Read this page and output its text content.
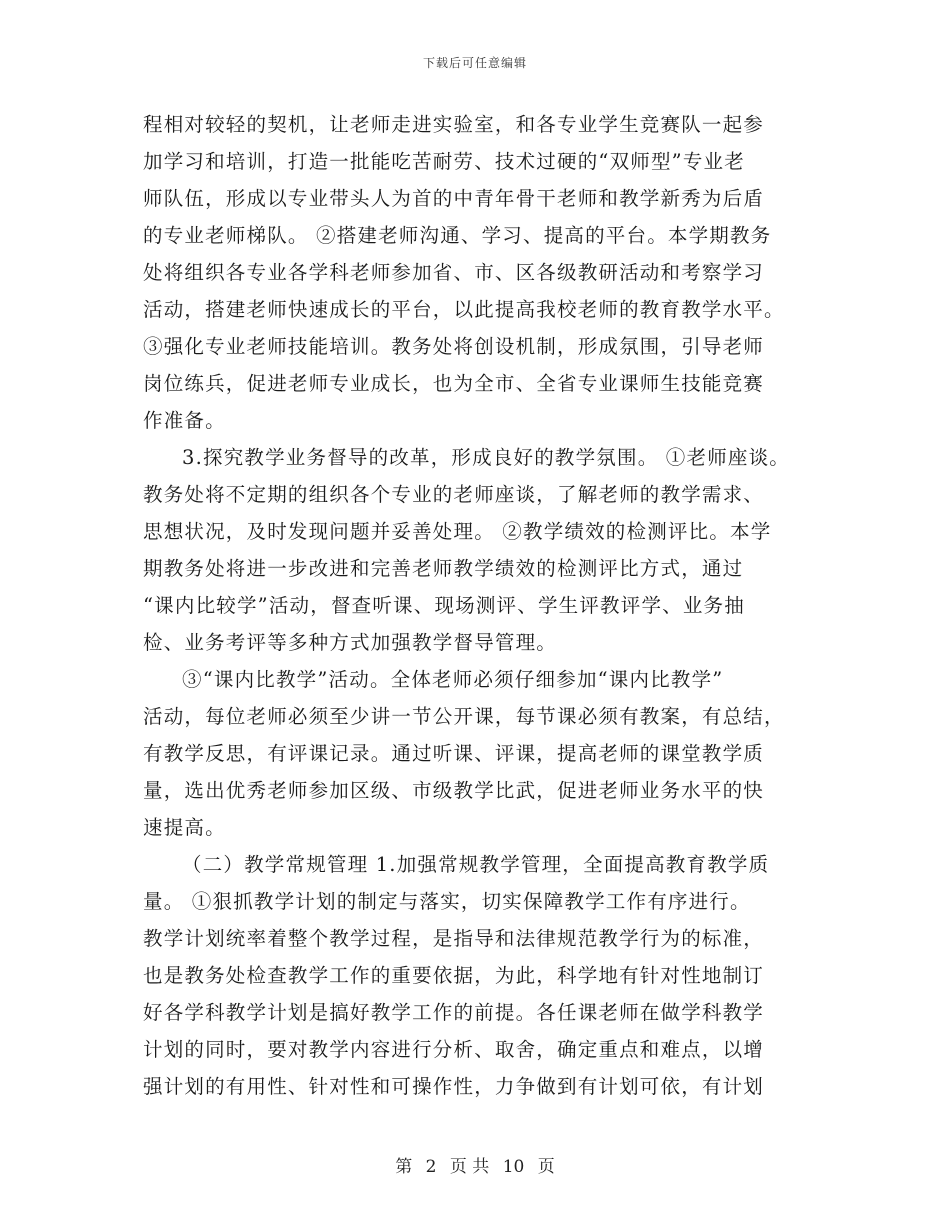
下载后可任意编辑
程相对较轻的契机，让老师走进实验室，和各专业学生竞赛队一起参
加学习和培训，打造一批能吃苦耐劳、技术过硬的“双师型”专业老
师队伍，形成以专业带头人为首的中青年骨干老师和教学新秀为后盾
的专业老师梯队。 ②搭建老师沟通、学习、提高的平台。本学期教务
处将组织各专业各学科老师参加省、市、区各级教研活动和考察学习
活动，搭建老师快速成长的平台，以此提高我校老师的教育教学水平。
③强化专业老师技能培训。教务处将创设机制，形成氛围，引导老师
岗位练兵，促进老师专业成长，也为全市、全省专业课师生技能竞赛
作准备。
3.探究教学业务督导的改革，形成良好的教学氛围。 ①老师座谈。
教务处将不定期的组织各个专业的老师座谈，了解老师的教学需求、
思想状况，及时发现问题并妥善处理。 ②教学绩效的检测评比。本学
期教务处将进一步改进和完善老师教学绩效的检测评比方式，通过
“课内比较学”活动，督查听课、现场测评、学生评教评学、业务抽
检、业务考评等多种方式加强教学督导管理。
③“课内比教学”活动。全体老师必须仔细参加“课内比教学”
活动，每位老师必须至少讲一节公开课，每节课必须有教案，有总结，
有教学反思，有评课记录。通过听课、评课，提高老师的课堂教学质
量，选出优秀老师参加区级、市级教学比武，促进老师业务水平的快
速提高。
（二）教学常规管理 1.加强常规教学管理，全面提高教育教学质
量。 ①狠抓教学计划的制定与落实，切实保障教学工作有序进行。
教学计划统率着整个教学过程，是指导和法律规范教学行为的标准，
也是教务处检查教学工作的重要依据，为此，科学地有针对性地制订
好各学科教学计划是搞好教学工作的前提。各任课老师在做学科教学
计划的同时，要对教学内容进行分析、取舍，确定重点和难点，以增
强计划的有用性、针对性和可操作性，力争做到有计划可依，有计划
第 2 页 共 10 页
